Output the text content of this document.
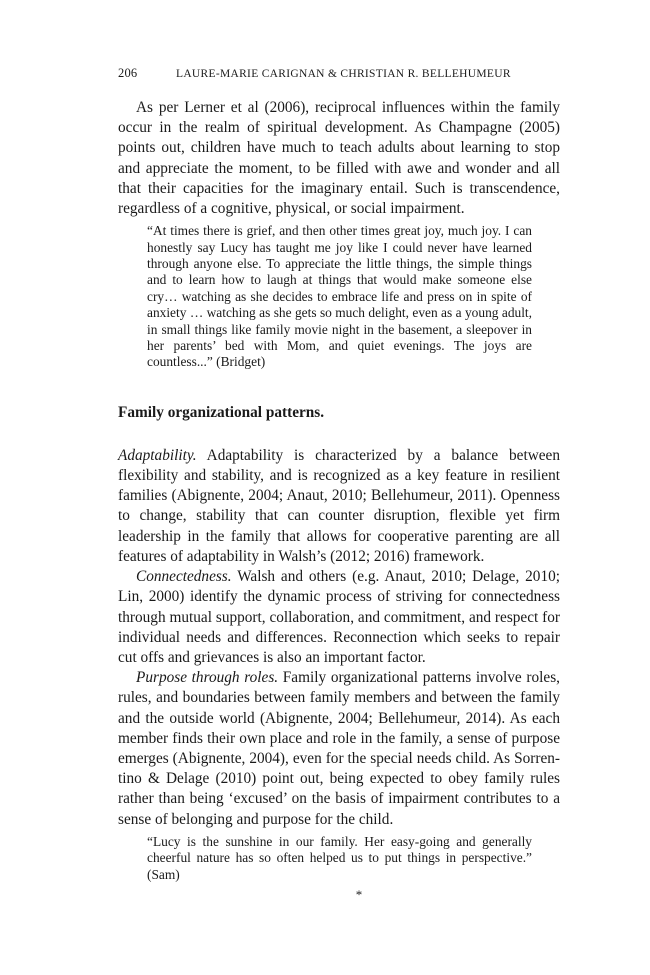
206	LAURE-MARIE CARIGNAN & CHRISTIAN R. BELLEHUMEUR

As per Lerner et al (2006), reciprocal influences within the family occur in the realm of spiritual development. As Champagne (2005) points out, children have much to teach adults about learning to stop and appreciate the moment, to be filled with awe and wonder and all that their capacities for the imaginary entail. Such is transcendence, regardless of a cognitive, physical, or social impairment.

“At times there is grief, and then other times great joy, much joy. I can honestly say Lucy has taught me joy like I could never have learned through anyone else. To appreciate the little things, the simple things and to learn how to laugh at things that would make someone else cry… watching as she decides to embrace life and press on in spite of anxiety … watching as she gets so much delight, even as a young adult, in small things like family movie night in the basement, a sleepover in her parents’ bed with Mom, and quiet evenings. The joys are countless...” (Bridget)
Family organizational patterns.

Adaptability. Adaptability is characterized by a balance between flexibility and stability, and is recognized as a key feature in resilient families (Abignente, 2004; Anaut, 2010; Bellehumeur, 2011). Openness to change, stability that can counter disruption, flexible yet firm leadership in the family that allows for cooperative parenting are all features of adaptability in Walsh’s (2012; 2016) framework.

Connectedness. Walsh and others (e.g. Anaut, 2010; Delage, 2010; Lin, 2000) identify the dynamic process of striving for connectedness through mutual support, collaboration, and commitment, and respect for individual needs and differences. Reconnection which seeks to repair cut offs and grievances is also an important factor.

Purpose through roles. Family organizational patterns involve roles, rules, and boundaries between family members and between the family and the outside world (Abignente, 2004; Bellehumeur, 2014). As each member finds their own place and role in the family, a sense of purpose emerges (Abignente, 2004), even for the special needs child. As Sorrentino & Delage (2010) point out, being expected to obey family rules rather than being ‘excused’ on the basis of impairment contributes to a sense of belonging and purpose for the child.

“Lucy is the sunshine in our family. Her easy-going and generally cheerful nature has so often helped us to put things in perspective.” (Sam)
*
